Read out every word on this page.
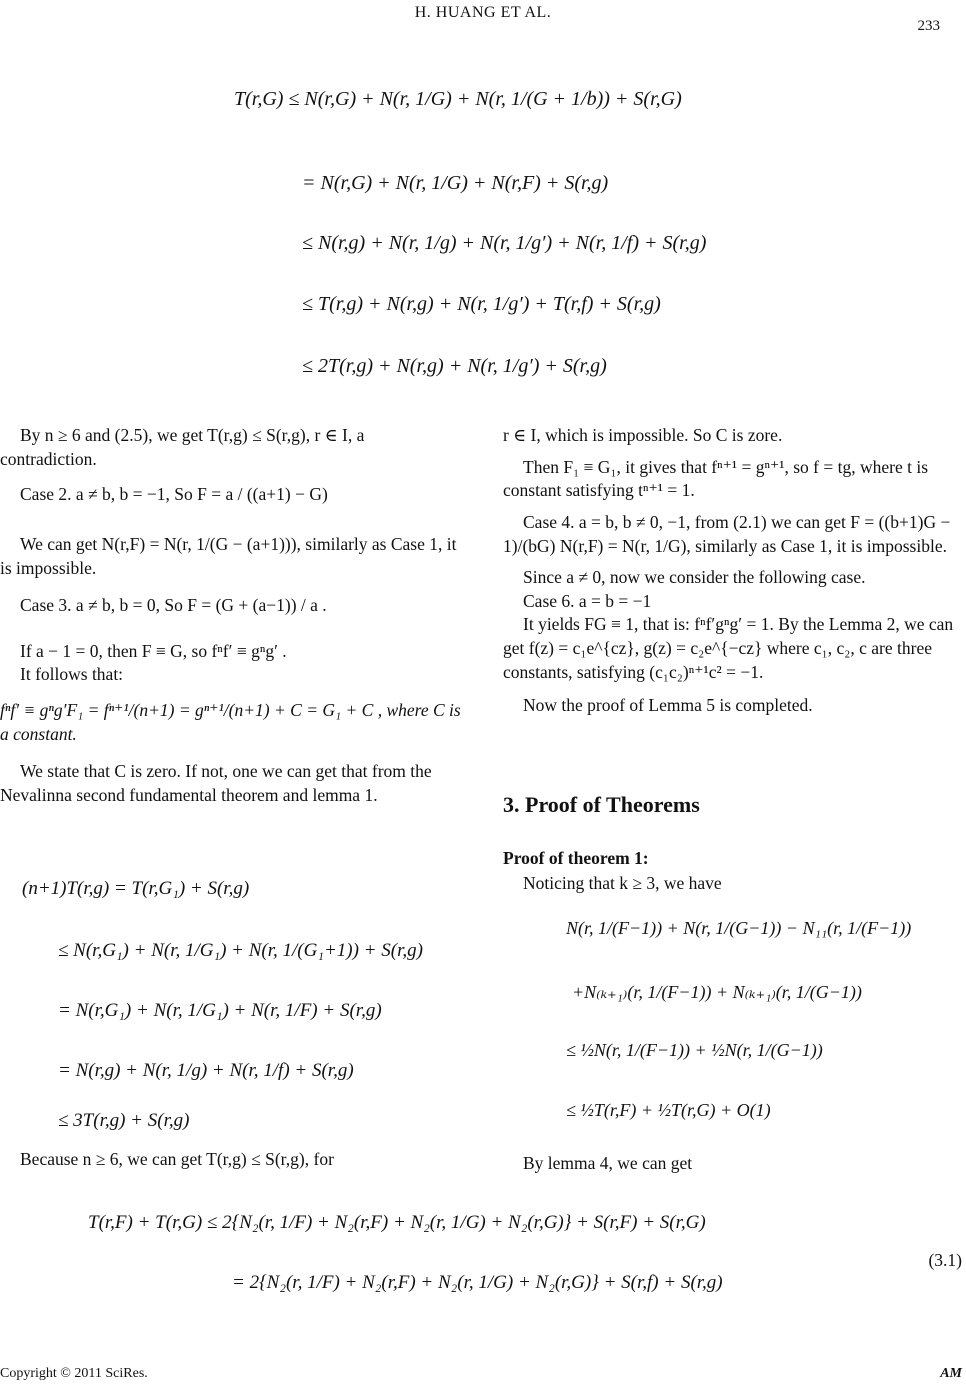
H. HUANG ET AL.
233
T(r,G) ≤ N(r,G) + N(r, 1/G) + N(r, 1/(G + 1/b)) + S(r,G)
= N(r,G) + N(r, 1/G) + N(r,F) + S(r,g)
≤ N(r,g) + N(r, 1/g) + N(r, 1/g′) + N(r, 1/f) + S(r,g)
≤ T(r,g) + N(r,g) + N(r, 1/g′) + T(r,f) + S(r,g)
≤ 2T(r,g) + N(r,g) + N(r, 1/g′) + S(r,g)

By n ≥ 6 and (2.5), we get T(r,g) ≤ S(r,g), r ∈ I, a contradiction.

Case 2. a ≠ b, b = −1, So F = a / ((a+1) − G)

We can get N(r,F) = N(r, 1/(G − (a+1))), similarly as Case 1, it is impossible.

Case 3. a ≠ b, b = 0, So F = (G + (a−1)) / a .

If a − 1 = 0, then F ≡ G, so fⁿf′ ≡ gⁿg′ .

It follows that:

fⁿf′ ≡ gⁿg′F₁ = fⁿ⁺¹/(n+1) = gⁿ⁺¹/(n+1) + C = G₁ + C , where C is a constant.

We state that C is zero. If not, one we can get that from the Nevalinna second fundamental theorem and lemma 1.

(n+1)T(r,g) = T(r,G₁) + S(r,g)
≤ N(r,G₁) + N(r, 1/G₁) + N(r, 1/(G₁+1)) + S(r,g)
= N(r,G₁) + N(r, 1/G₁) + N(r, 1/F) + S(r,g)
= N(r,g) + N(r, 1/g) + N(r, 1/f) + S(r,g)
≤ 3T(r,g) + S(r,g)

Because n ≥ 6, we can get T(r,g) ≤ S(r,g), for

r ∈ I, which is impossible. So C is zore.

Then F₁ ≡ G₁, it gives that fⁿ⁺¹ = gⁿ⁺¹, so f = tg, where t is constant satisfying tⁿ⁺¹ = 1.

Case 4. a = b, b ≠ 0, −1, from (2.1) we can get F = ((b+1)G − 1)/(bG) N(r,F) = N(r, 1/G), similarly as Case 1, it is impossible.

Since a ≠ 0, now we consider the following case.

Case 6. a = b = −1

It yields FG ≡ 1, that is: fⁿf′gⁿg′ = 1. By the Lemma 2, we can get f(z) = c₁e^{cz}, g(z) = c₂e^{−cz} where c₁, c₂, c are three constants, satisfying (c₁c₂)ⁿ⁺¹c² = −1.

Now the proof of Lemma 5 is completed.

3. Proof of Theorems
Proof of theorem 1:

Noticing that k ≥ 3, we have

N(r, 1/(F−1)) + N(r, 1/(G−1)) − N₁₁(r, 1/(F−1))
+N₍ₖ₊₁₎(r, 1/(F−1)) + N₍ₖ₊₁₎(r, 1/(G−1))
≤ ½N(r, 1/(F−1)) + ½N(r, 1/(G−1))
≤ ½T(r,F) + ½T(r,G) + O(1)

By lemma 4, we can get

T(r,F) + T(r,G) ≤ 2{N₂(r, 1/F) + N₂(r,F) + N₂(r, 1/G) + N₂(r,G)} + S(r,F) + S(r,G)
= 2{N₂(r, 1/F) + N₂(r,F) + N₂(r, 1/G) + N₂(r,G)} + S(r,f) + S(r,g)
(3.1)
Copyright © 2011 SciRes.	AM
